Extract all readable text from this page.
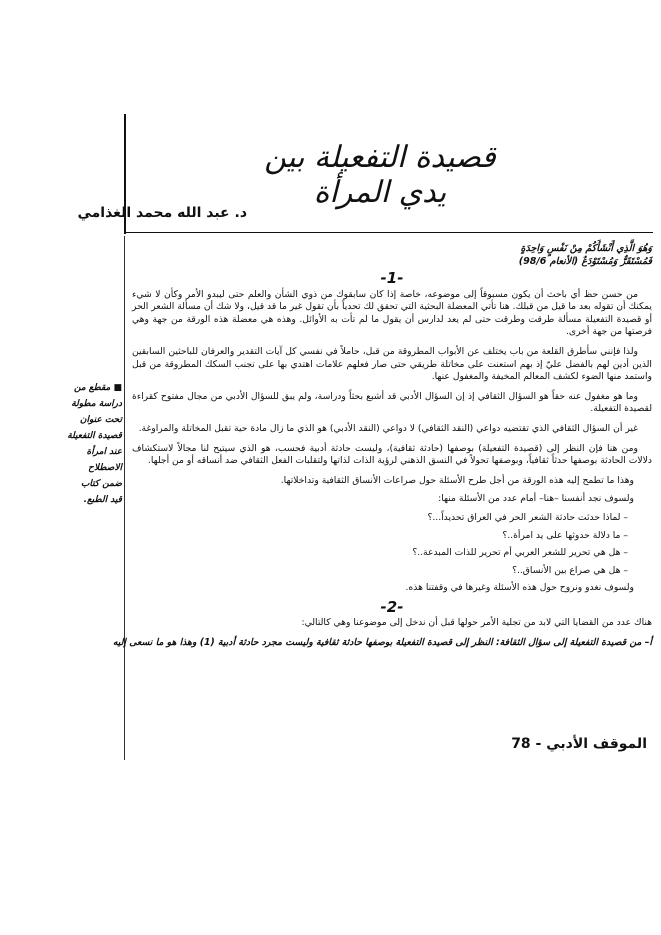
قصيدة التفعيلة بين يدي المرأة
د. عبد الله محمد الغذامي
■ مقطع من
دراسة مطولة
تحت عنوان
قصيدة التفعيلة
عند امرأة
الاصطلاح
ضمن كتاب
قيد الطبع.
وَهُوَ الَّذِي أَنْشَأَكُمْ مِنْ نَفْسٍ وَاحِدَةٍ
فَمُسْتَقَرٌّ وَمُسْتَوْدَعٌ (الأنعام 98/6)
-1-

من حسن حظ أي باحث أن يكون مسبوقاً إلى موضوعه، خاصة إذا كان سابقوك من ذوي الشأن والعلم حتى ليبدو الأمر وكأن لا شيء يمكنك أن تقوله بعد ما قيل من قبلك. هنا تأتي المعضلة البحثية التي تحقق لك تحدياً بأن تقول غير ما قد قيل، ولا شك أن مسألة الشعر الحر أو قصيدة التفعيلة مسألة طرقت وطرقت حتى لم يعد لدارس أن يقول ما لم تأت به الأوائل. وهذه هي معضلة هذه الورقة من جهة وهي فرصتها من جهة أخرى.

ولذا فإنني سأطرق القلعة من باب يختلف عن الأبواب المطروقة من قبل، حاملاً في نفسي كل آيات التقدير والعرفان للباحثين السابقين الذين أدين لهم بالفضل عليّ إذ بهم استعنت على مخاتلة طريقي حتى صار فعلهم علامات اهتدي بها على تجنب السكك المطروقة من قبل واستمد منها الضوء لكشف المعالم المخيفة والمغفول عنها.

وما هو مغفول عنه حقاً هو السؤال الثقافي إذ إن السؤال الأدبي قد أشبع بحثاً ودراسة، ولم يبق للسؤال الأدبي من مجال مفتوح كقراءة لقصيدة التفعيلة.

غير أن السؤال الثقافي الذي تقتضيه دواعي (النقد الثقافي) لا دواعي (النقد الأدبي) هو الذي ما زال مادة حية تقبل المخاتلة والمراوغة.

ومن هنا فإن النظر إلى (قصيدة التفعيلة) بوصفها (حادثة ثقافية)، وليست حادثة أدبية فحسب، هو الذي سيتيح لنا مجالاً لاستكشاف دلالات الحادثة بوصفها حدثاً ثقافياً، وبوصفها تحولاً في النسق الذهني لرؤية الذات لذاتها ولتقلبات الفعل الثقافي ضد أنساقه أو من أجلها.

وهذا ما تطمح إليه هذه الورقة من أجل طرح الأسئلة حول صراعات الأنساق الثقافية وتداخلاتها.
ولسوف نجد أنفسنا –هنا– أمام عدد من الأسئلة منها:
– لماذا حدثت حادثة الشعر الحر في العراق تحديداً...؟
– ما دلالة حدوثها على يد امرأة..؟
– هل هي تحرير للشعر العربي أم تحرير للذات المبدعة..؟
– هل هي صراع بين الأنساق..؟
ولسوف نغدو ونروح حول هذه الأسئلة وغيرها في وقفتنا هذه.
-2-

هناك عدد من القضايا التي لابد من تجلية الأمر حولها قبل أن ندخل إلى موضوعنا وهي كالتالي:

أ– من قصيدة التفعيلة إلى سؤال الثقافة: النظر إلى قصيدة التفعيلة بوصفها حادثة ثقافية وليست مجرد حادثة أدبية (1) وهذا هو ما نسعى إليه
الموقف الأدبي - 78
